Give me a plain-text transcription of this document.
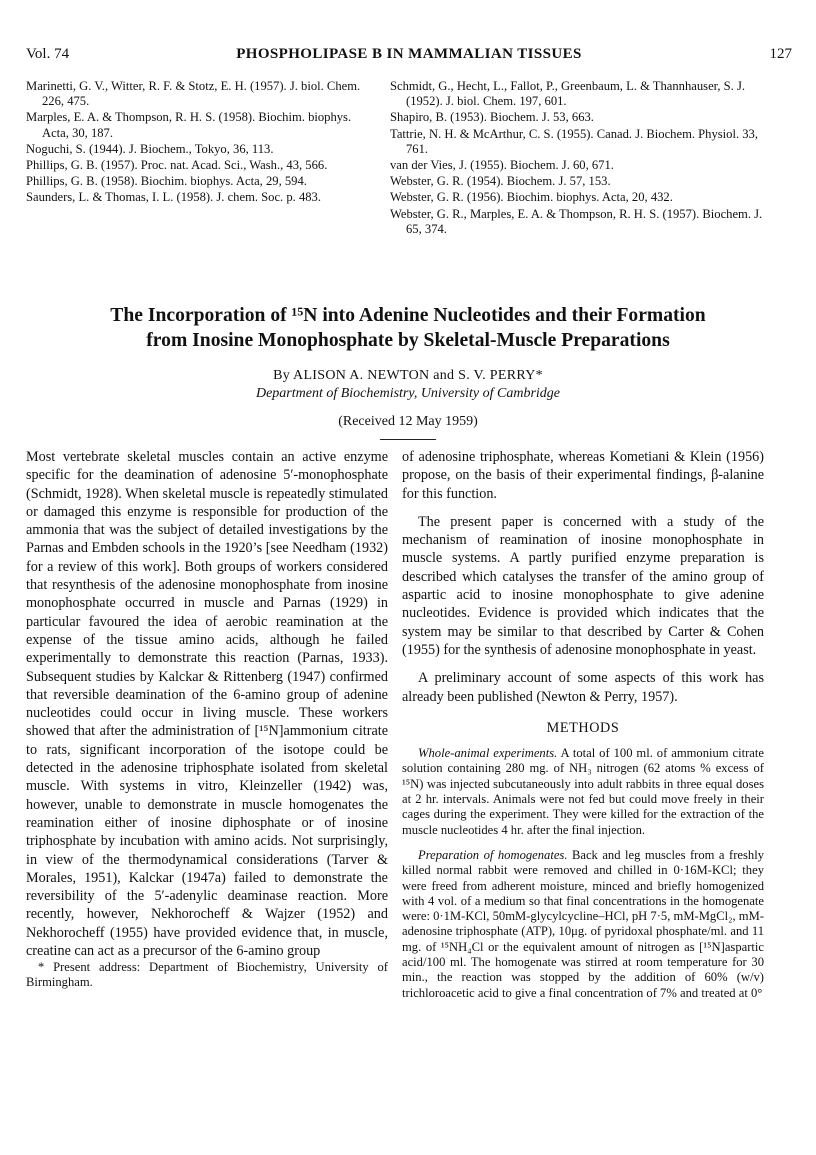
Vol. 74	PHOSPHOLIPASE B IN MAMMALIAN TISSUES	127
Marinetti, G. V., Witter, R. F. & Stotz, E. H. (1957). J. biol. Chem. 226, 475.
Marples, E. A. & Thompson, R. H. S. (1958). Biochim. biophys. Acta, 30, 187.
Noguchi, S. (1944). J. Biochem., Tokyo, 36, 113.
Phillips, G. B. (1957). Proc. nat. Acad. Sci., Wash., 43, 566.
Phillips, G. B. (1958). Biochim. biophys. Acta, 29, 594.
Saunders, L. & Thomas, I. L. (1958). J. chem. Soc. p. 483.
Schmidt, G., Hecht, L., Fallot, P., Greenbaum, L. & Thannhauser, S. J. (1952). J. biol. Chem. 197, 601.
Shapiro, B. (1953). Biochem. J. 53, 663.
Tattrie, N. H. & McArthur, C. S. (1955). Canad. J. Biochem. Physiol. 33, 761.
van der Vies, J. (1955). Biochem. J. 60, 671.
Webster, G. R. (1954). Biochem. J. 57, 153.
Webster, G. R. (1956). Biochim. biophys. Acta, 20, 432.
Webster, G. R., Marples, E. A. & Thompson, R. H. S. (1957). Biochem. J. 65, 374.
The Incorporation of ¹⁵N into Adenine Nucleotides and their Formation
from Inosine Monophosphate by Skeletal-Muscle Preparations
By ALISON A. NEWTON and S. V. PERRY*
Department of Biochemistry, University of Cambridge
(Received 12 May 1959)

Most vertebrate skeletal muscles contain an active enzyme specific for the deamination of adenosine 5′-monophosphate (Schmidt, 1928). When skeletal muscle is repeatedly stimulated or damaged this enzyme is responsible for production of the ammonia that was the subject of detailed investigations by the Parnas and Embden schools in the 1920’s [see Needham (1932) for a review of this work]. Both groups of workers considered that resynthesis of the adenosine monophosphate from inosine monophosphate occurred in muscle and Parnas (1929) in particular favoured the idea of aerobic reamination at the expense of the tissue amino acids, although he failed experimentally to demonstrate this reaction (Parnas, 1933). Subsequent studies by Kalckar & Rittenberg (1947) confirmed that reversible deamination of the 6-amino group of adenine nucleotides could occur in living muscle. These workers showed that after the administration of [¹⁵N]ammonium citrate to rats, significant incorporation of the isotope could be detected in the adenosine triphosphate isolated from skeletal muscle. With systems in vitro, Kleinzeller (1942) was, however, unable to demonstrate in muscle homogenates the reamination either of inosine diphosphate or of inosine triphosphate by incubation with amino acids. Not surprisingly, in view of the thermodynamical considerations (Tarver & Morales, 1951), Kalckar (1947a) failed to demonstrate the reversibility of the 5′-adenylic deaminase reaction. More recently, however, Nekhorocheff & Wajzer (1952) and Nekhorocheff (1955) have provided evidence that, in muscle, creatine can act as a precursor of the 6-amino group

* Present address: Department of Biochemistry, University of Birmingham.

of adenosine triphosphate, whereas Kometiani & Klein (1956) propose, on the basis of their experimental findings, β-alanine for this function.

The present paper is concerned with a study of the mechanism of reamination of inosine monophosphate in muscle systems. A partly purified enzyme preparation is described which catalyses the transfer of the amino group of aspartic acid to inosine monophosphate to give adenine nucleotides. Evidence is provided which indicates that the system may be similar to that described by Carter & Cohen (1955) for the synthesis of adenosine monophosphate in yeast.

A preliminary account of some aspects of this work has already been published (Newton & Perry, 1957).

METHODS

Whole-animal experiments. A total of 100 ml. of ammonium citrate solution containing 280 mg. of NH₃ nitrogen (62 atoms % excess of ¹⁵N) was injected subcutaneously into adult rabbits in three equal doses at 2 hr. intervals. Animals were not fed but could move freely in their cages during the experiment. They were killed for the extraction of the muscle nucleotides 4 hr. after the final injection.

Preparation of homogenates. Back and leg muscles from a freshly killed normal rabbit were removed and chilled in 0·16M-KCl; they were freed from adherent moisture, minced and briefly homogenized with 4 vol. of a medium so that final concentrations in the homogenate were: 0·1M-KCl, 50mM-glycylcycline–HCl, pH 7·5, mM-MgCl₂, mM-adenosine triphosphate (ATP), 10μg. of pyridoxal phosphate/ml. and 11 mg. of ¹⁵NH₄Cl or the equivalent amount of nitrogen as [¹⁵N]aspartic acid/100 ml. The homogenate was stirred at room temperature for 30 min., the reaction was stopped by the addition of 60% (w/v) trichloroacetic acid to give a final concentration of 7% and treated at 0°
